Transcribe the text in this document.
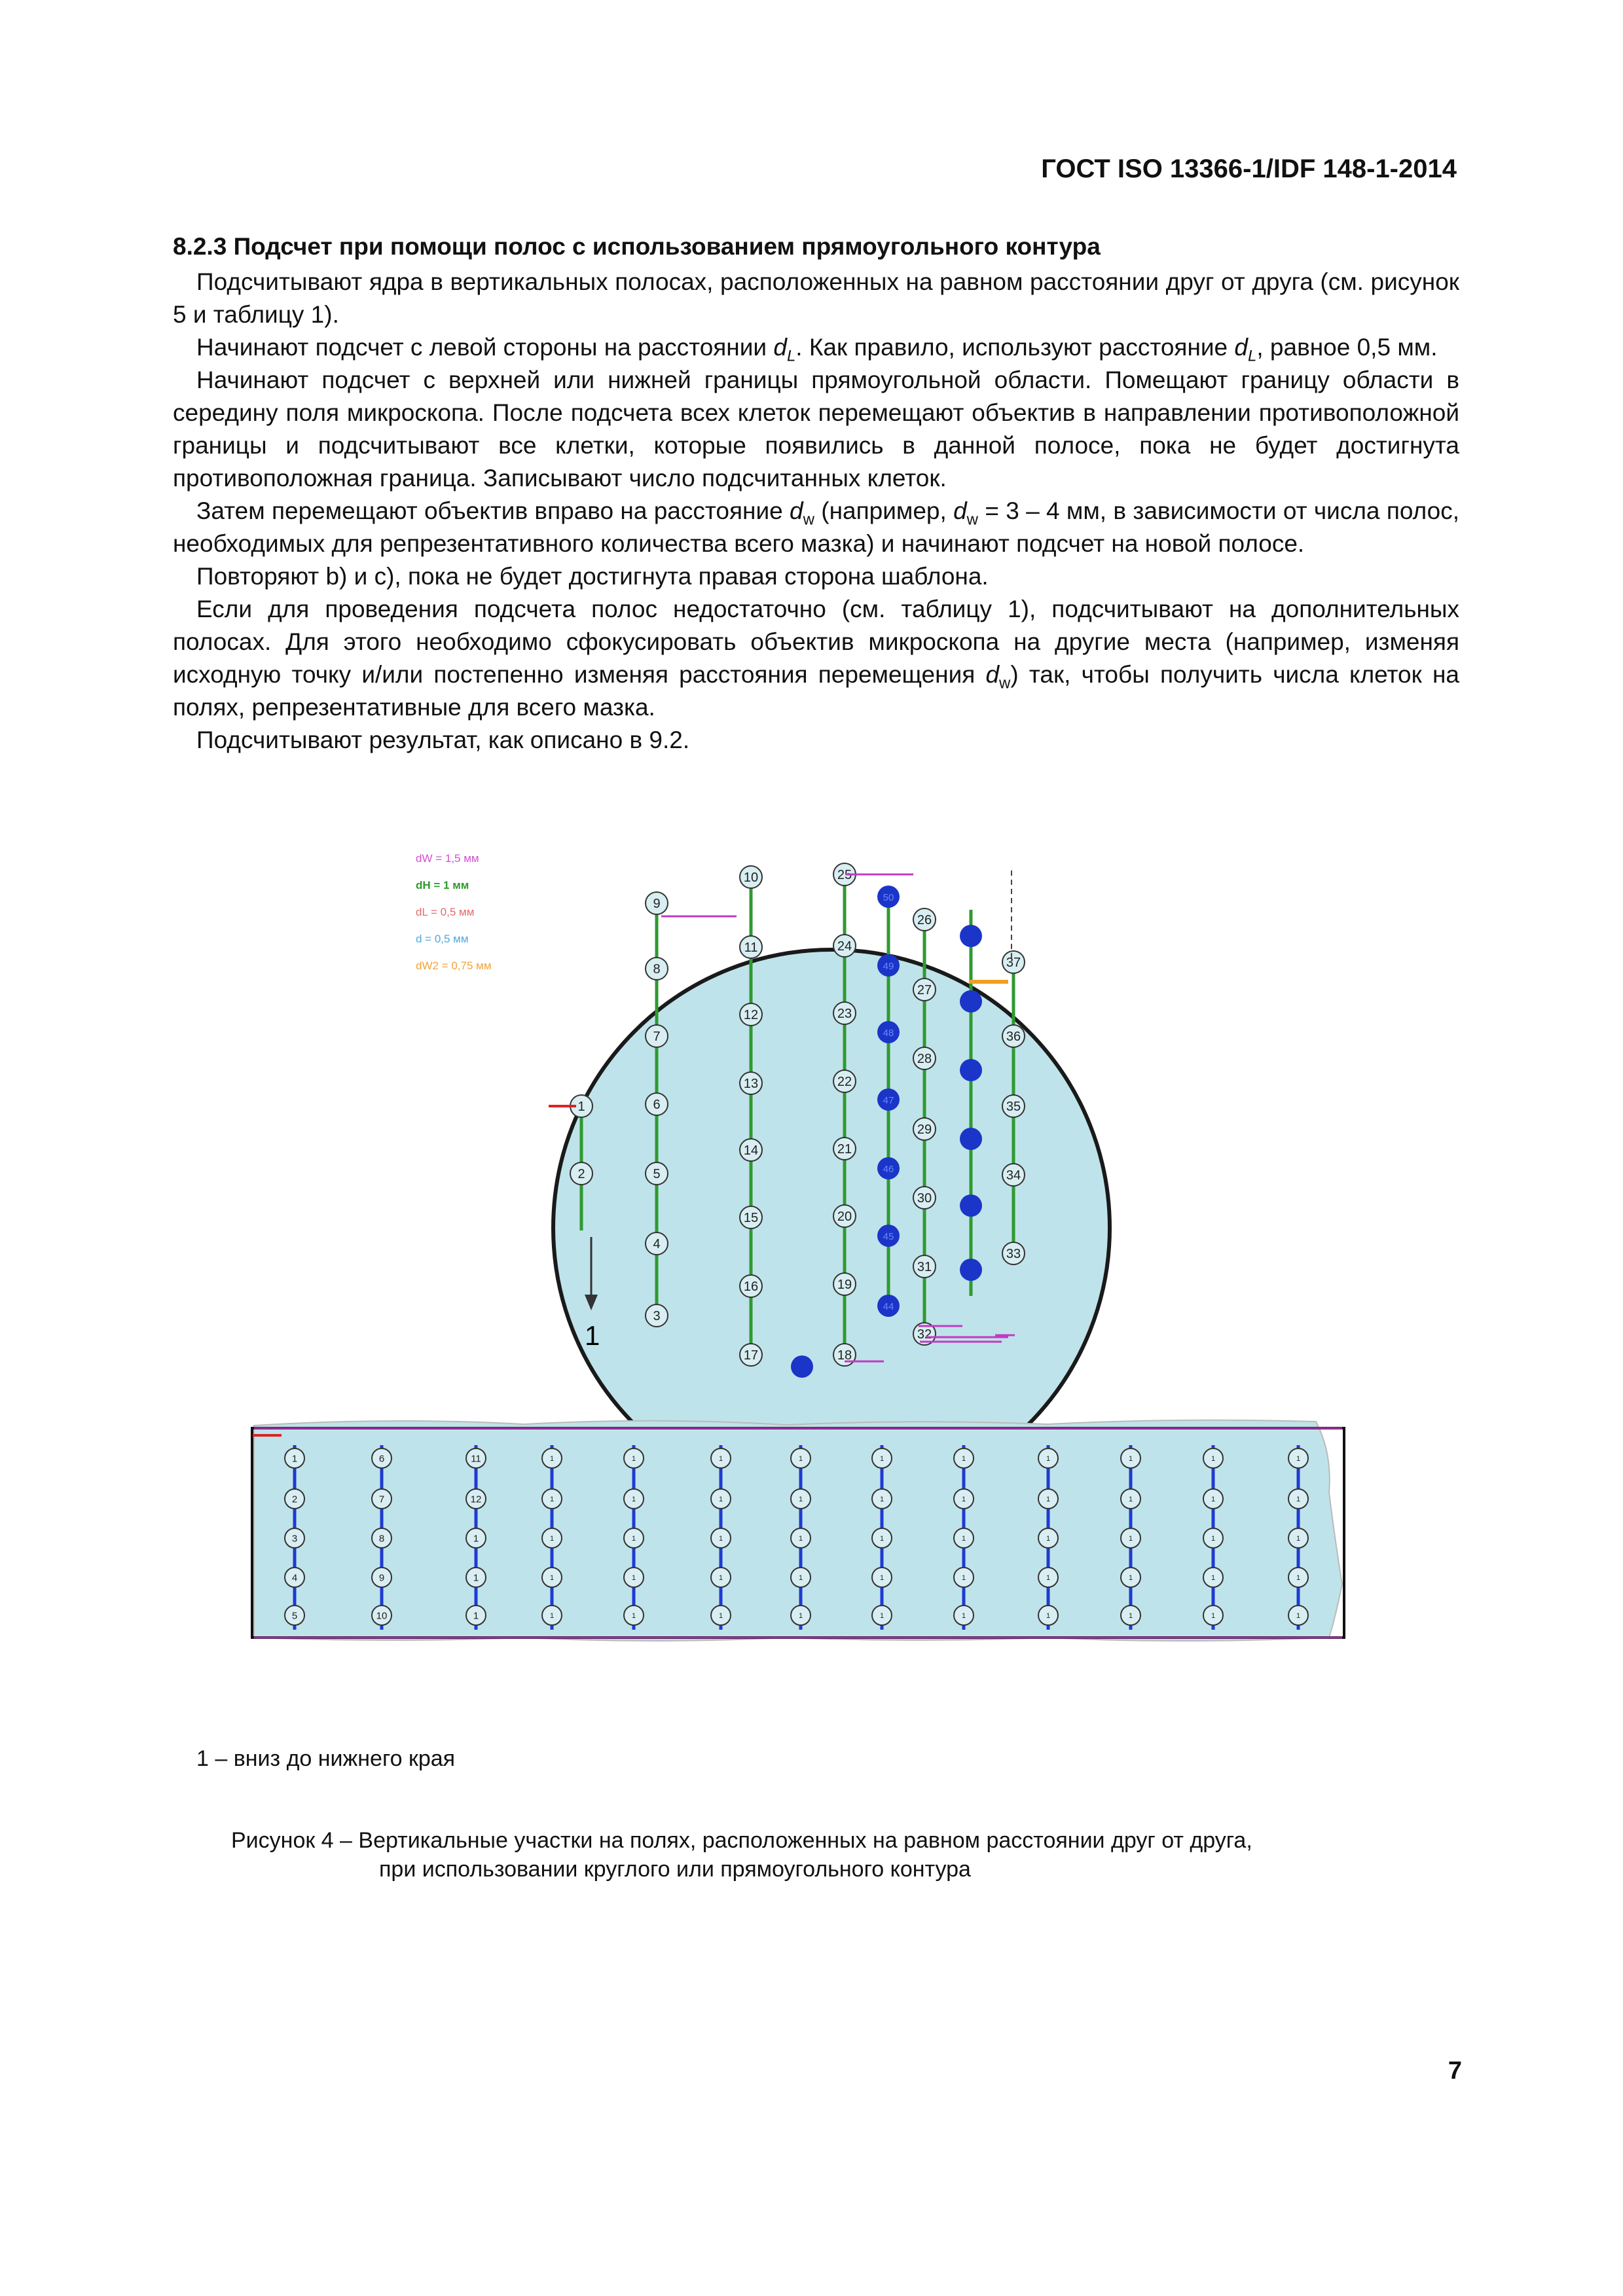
ГОСТ ISO 13366-1/IDF 148-1-2014

8.2.3 Подсчет при помощи полос с использованием прямоугольного контура

Подсчитывают ядра в вертикальных полосах, расположенных на равном расстоянии друг от друга (см. рисунок 5 и таблицу 1).

Начинают подсчет с левой стороны на расстоянии $d_L$. Как правило, используют расстояние $d_L$, равное 0,5 мм.

Начинают подсчет с верхней или нижней границы прямоугольной области. Помещают границу области в середину поля микроскопа. После подсчета всех клеток перемещают объектив в направлении противоположной границы и подсчитывают все клетки, которые появились в данной полосе, пока не будет достигнута противоположная граница. Записывают число подсчитанных клеток.

Затем перемещают объектив вправо на расстояние $d_w$ (например, $d_w = 3 - 4$ мм, в зависимости от числа полос, необходимых для репрезентативного количества всего мазка) и начинают подсчет на новой полосе.

Повторяют b) и c), пока не будет достигнута правая сторона шаблона.

Если для проведения подсчета полос недостаточно (см. таблицу 1), подсчитывают на дополнительных полосах. Для этого необходимо сфокусировать объектив микроскопа на другие места (например, изменяя исходную точку и/или постепенно изменяя расстояния перемещения $d_w$) так, чтобы получить числа клеток на полях, репрезентативные для всего мазка.

Подсчитывают результат, как описано в 9.2.

dW = 1,5 мм
dH = 1 мм
dL = 0,5 мм
d = 0,5 мм
dW2 = 0,75 мм
1
2
9
8
7
6
5
4
3
10
11
12
13
14
15
16
17
25
24
23
22
21
20
19
18
50
49
48
47
46
45
44
26
27
28
29
30
31
32
37
36
35
34
33
1
1
2
3
4
5
6
7
8
9
10
11
12
1
1
1
1
1
1
1
1
1
1
1
1
1
1
1
1
1
1
1
1
1
1
1
1
1
1
1
1
1
1
1
1
1
1
1
1
1
1
1
1
1
1
1
1
1
1
1
1
1
1
1
1
1
1 – вниз до нижнего края
Рисунок 4 – Вертикальные участки на полях, расположенных на равном расстоянии друг от друга,
при использовании круглого или прямоугольного контура
7
